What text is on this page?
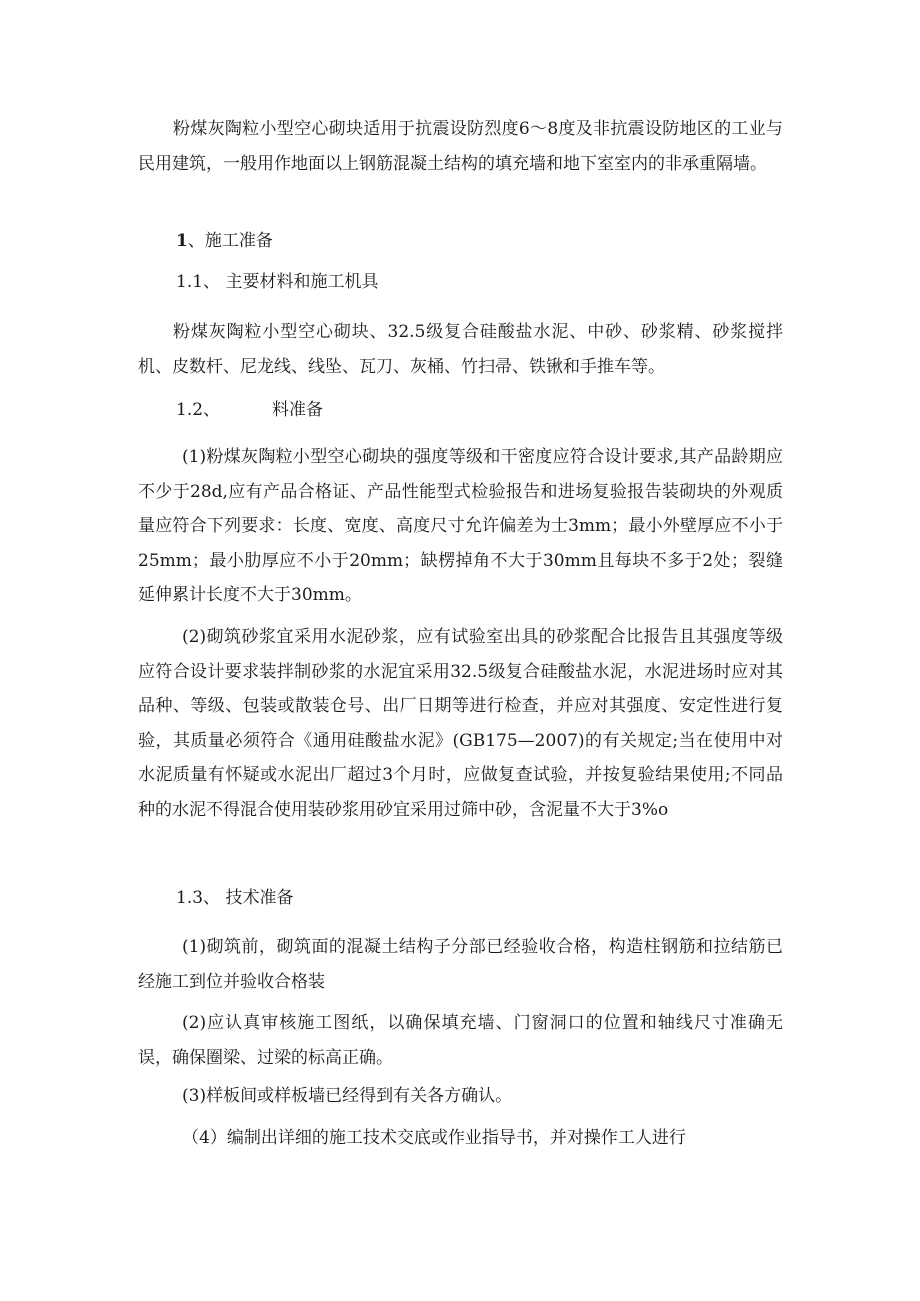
粉煤灰陶粒小型空心砌块适用于抗震设防烈度6～8度及非抗震设防地区的工业与民用建筑，一般用作地面以上钢筋混凝土结构的填充墙和地下室室内的非承重隔墙。

1、施工准备
1.1、 主要材料和施工机具

粉煤灰陶粒小型空心砌块、32.5级复合硅酸盐水泥、中砂、砂浆精、砂浆搅拌机、皮数杆、尼龙线、线坠、瓦刀、灰桶、竹扫帚、铁锹和手推车等。

1.2、	料准备

(1)粉煤灰陶粒小型空心砌块的强度等级和干密度应符合设计要求,其产品龄期应不少于28d,应有产品合格证、产品性能型式检验报告和进场复验报告装砌块的外观质量应符合下列要求：长度、宽度、高度尺寸允许偏差为士3mm；最小外壁厚应不小于25mm；最小肋厚应不小于20mm；缺楞掉角不大于30mm且每块不多于2处；裂缝延伸累计长度不大于30mm。

(2)砌筑砂浆宜采用水泥砂浆，应有试验室出具的砂浆配合比报告且其强度等级应符合设计要求装拌制砂浆的水泥宜采用32.5级复合硅酸盐水泥，水泥进场时应对其品种、等级、包装或散装仓号、出厂日期等进行检查，并应对其强度、安定性进行复验，其质量必须符合《通用硅酸盐水泥》(GB175—2007)的有关规定;当在使用中对水泥质量有怀疑或水泥出厂超过3个月时，应做复查试验，并按复验结果使用;不同品种的水泥不得混合使用装砂浆用砂宜采用过筛中砂，含泥量不大于3%o

1.3、 技术准备

(1)砌筑前，砌筑面的混凝土结构子分部已经验收合格，构造柱钢筋和拉结筋已经施工到位并验收合格装

(2)应认真审核施工图纸，以确保填充墙、门窗洞口的位置和轴线尺寸准确无误，确保圈梁、过梁的标高正确。

(3)样板间或样板墙已经得到有关各方确认。

（4）编制出详细的施工技术交底或作业指导书，并对操作工人进行
